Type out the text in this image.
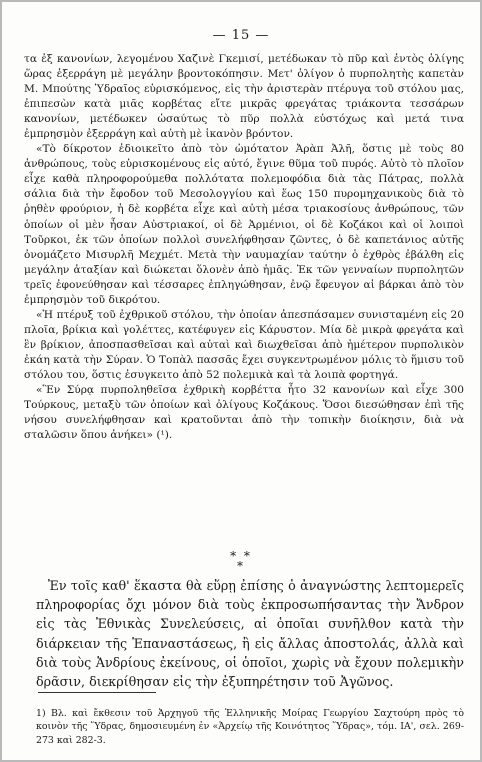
— 15 —

τα ἐξ κανονίων, λεγομένου Χαζινὲ Γκεμισί, μετέδωκαν τὸ πῦρ καὶ ἐντὸς ὀλίγης ὥρας ἐξερράγη μὲ μεγάλην βροντοκόπησιν. Μετ' ὀλίγον ὁ πυρπολητὴς καπετὰν Μ. Μπούτης Ὑδραῖος εὑρισκόμενος, εἰς τὴν ἀριστερὰν πτέρυγα τοῦ στόλου μας, ἐπιπεσὼν κατὰ μιᾶς κορβέτας εἴτε μικρᾶς φρεγάτας τριάκοντα τεσσάρων κανονίων, μετέδωκεν ὡσαύτως τὸ πῦρ πολλὰ εὐστόχως καὶ μετά τινα ἐμπρησμὸν ἐξερράγη καὶ αὐτὴ μὲ ἱκανὸν βρόντον.

«Τὸ δίκροτον ἐδιοικεῖτο ἀπὸ τὸν ὠμότατον Ἀρὰπ Ἀλῆ, ὅστις μὲ τοὺς 80 ἀνθρώπους, τοὺς εὑρισκομένους εἰς αὐτό, ἔγινε θῦμα τοῦ πυρός. Αὐτὸ τὸ πλοῖον εἶχε καθὰ πληροφορούμεθα πολλότατα πολεμοφόδια διὰ τὰς Πάτρας, πολλὰ σάλια διὰ τὴν ἔφοδον τοῦ Μεσολογγίου καὶ ἕως 150 πυρομηχανικοὺς διὰ τὸ ῥηθὲν φρούριον, ἡ δὲ κορβέτα εἶχε καὶ αὐτὴ μέσα τριακοσίους ἀνθρώπους, τῶν ὁποίων οἱ μὲν ἦσαν Αὐστριακοί, οἱ δὲ Ἀρμένιοι, οἱ δὲ Κοζάκοι καὶ οἱ λοιποὶ Τοῦρκοι, ἐκ τῶν ὁποίων πολλοὶ συνελήφθησαν ζῶντες, ὁ δὲ καπετάνιος αὐτῆς ὀνομάζετο Μισυρλῆ Μεχμέτ. Μετὰ τὴν ναυμαχίαν ταύτην ὁ ἐχθρὸς ἐβάλθη εἰς μεγάλην ἀταξίαν καὶ διώκεται ὅλονὲν ἀπὸ ἡμᾶς. Ἐκ τῶν γενναίων πυρπολητῶν τρεῖς ἐφονεύθησαν καὶ τέσσαρες ἐπληγώθησαν, ἐνῷ ἔφευγον αἱ βάρκαι ἀπὸ τὸν ἐμπρησμὸν τοῦ δικρότου.

«Ἡ πτέρυξ τοῦ ἐχθρικοῦ στόλου, τὴν ὁποίαν ἀπεσπάσαμεν συνισταμένη εἰς 20 πλοῖα, βρίκια καὶ γολέττες, κατέφυγεν εἰς Κάρυστον. Μία δὲ μικρὰ φρεγάτα καὶ ἓν βρίκιον, ἀποσπασθεῖσαι καὶ αὐταὶ καὶ διωχθεῖσαι ἀπὸ ἡμέτερον πυρπολικὸν ἐκάη κατὰ τὴν Σύραν. Ὁ Τοπὰλ πασσᾶς ἔχει συγκεντρωμένον μόλις τὸ ἥμισυ τοῦ στόλου του, ὅστις ἐσυγκειτο ἀπὸ 52 πολεμικὰ καὶ τὰ λοιπὰ φορτηγά.

«Ἓν Σύρᾳ πυρποληθεῖσα ἐχθρικὴ κορβέττα ἦτο 32 κανονίων καὶ εἶχε 300 Τούρκους, μεταξὺ τῶν ὁποίων καὶ ὀλίγους Κοζάκους. Ὅσοι διεσώθησαν ἐπὶ τῆς νήσου συνελήφθησαν καὶ κρατοῦνται ἀπὸ τὴν τοπικὴν διοίκησιν, διὰ νὰ σταλῶσιν ὅπου ἀνήκει» (¹).

* *
*

Ἐν τοῖς καθ' ἕκαστα θὰ εὕρῃ ἐπίσης ὁ ἀναγνώστης λεπτομερεῖς πληροφορίας ὄχι μόνον διὰ τοὺς ἐκπροσωπήσαντας τὴν Ἄνδρον εἰς τὰς Ἐθνικὰς Συνελεύσεις, αἱ ὁποῖαι συνῆλθον κατὰ τὴν διάρκειαν τῆς Ἐπαναστάσεως, ἢ εἰς ἄλλας ἀποστολάς, ἀλλὰ καὶ διὰ τοὺς Ἀνδρίους ἐκείνους, οἱ ὁποῖοι, χωρὶς νὰ ἔχουν πολεμικὴν δρᾶσιν, διεκρίθησαν εἰς τὴν ἐξυπηρέτησιν τοῦ Ἀγῶνος.

1) Βλ. καὶ ἔκθεσιν τοῦ Ἀρχηγοῦ τῆς Ἑλληνικῆς Μοίρας Γεωργίου Σαχτούρη πρὸς τὸ κοινὸν τῆς Ὕδρας, δημοσιευμένη ἐν «Ἀρχείῳ τῆς Κοινότητος Ὕδρας», τόμ. ΙΑ', σελ. 269-273 καὶ 282-3.
